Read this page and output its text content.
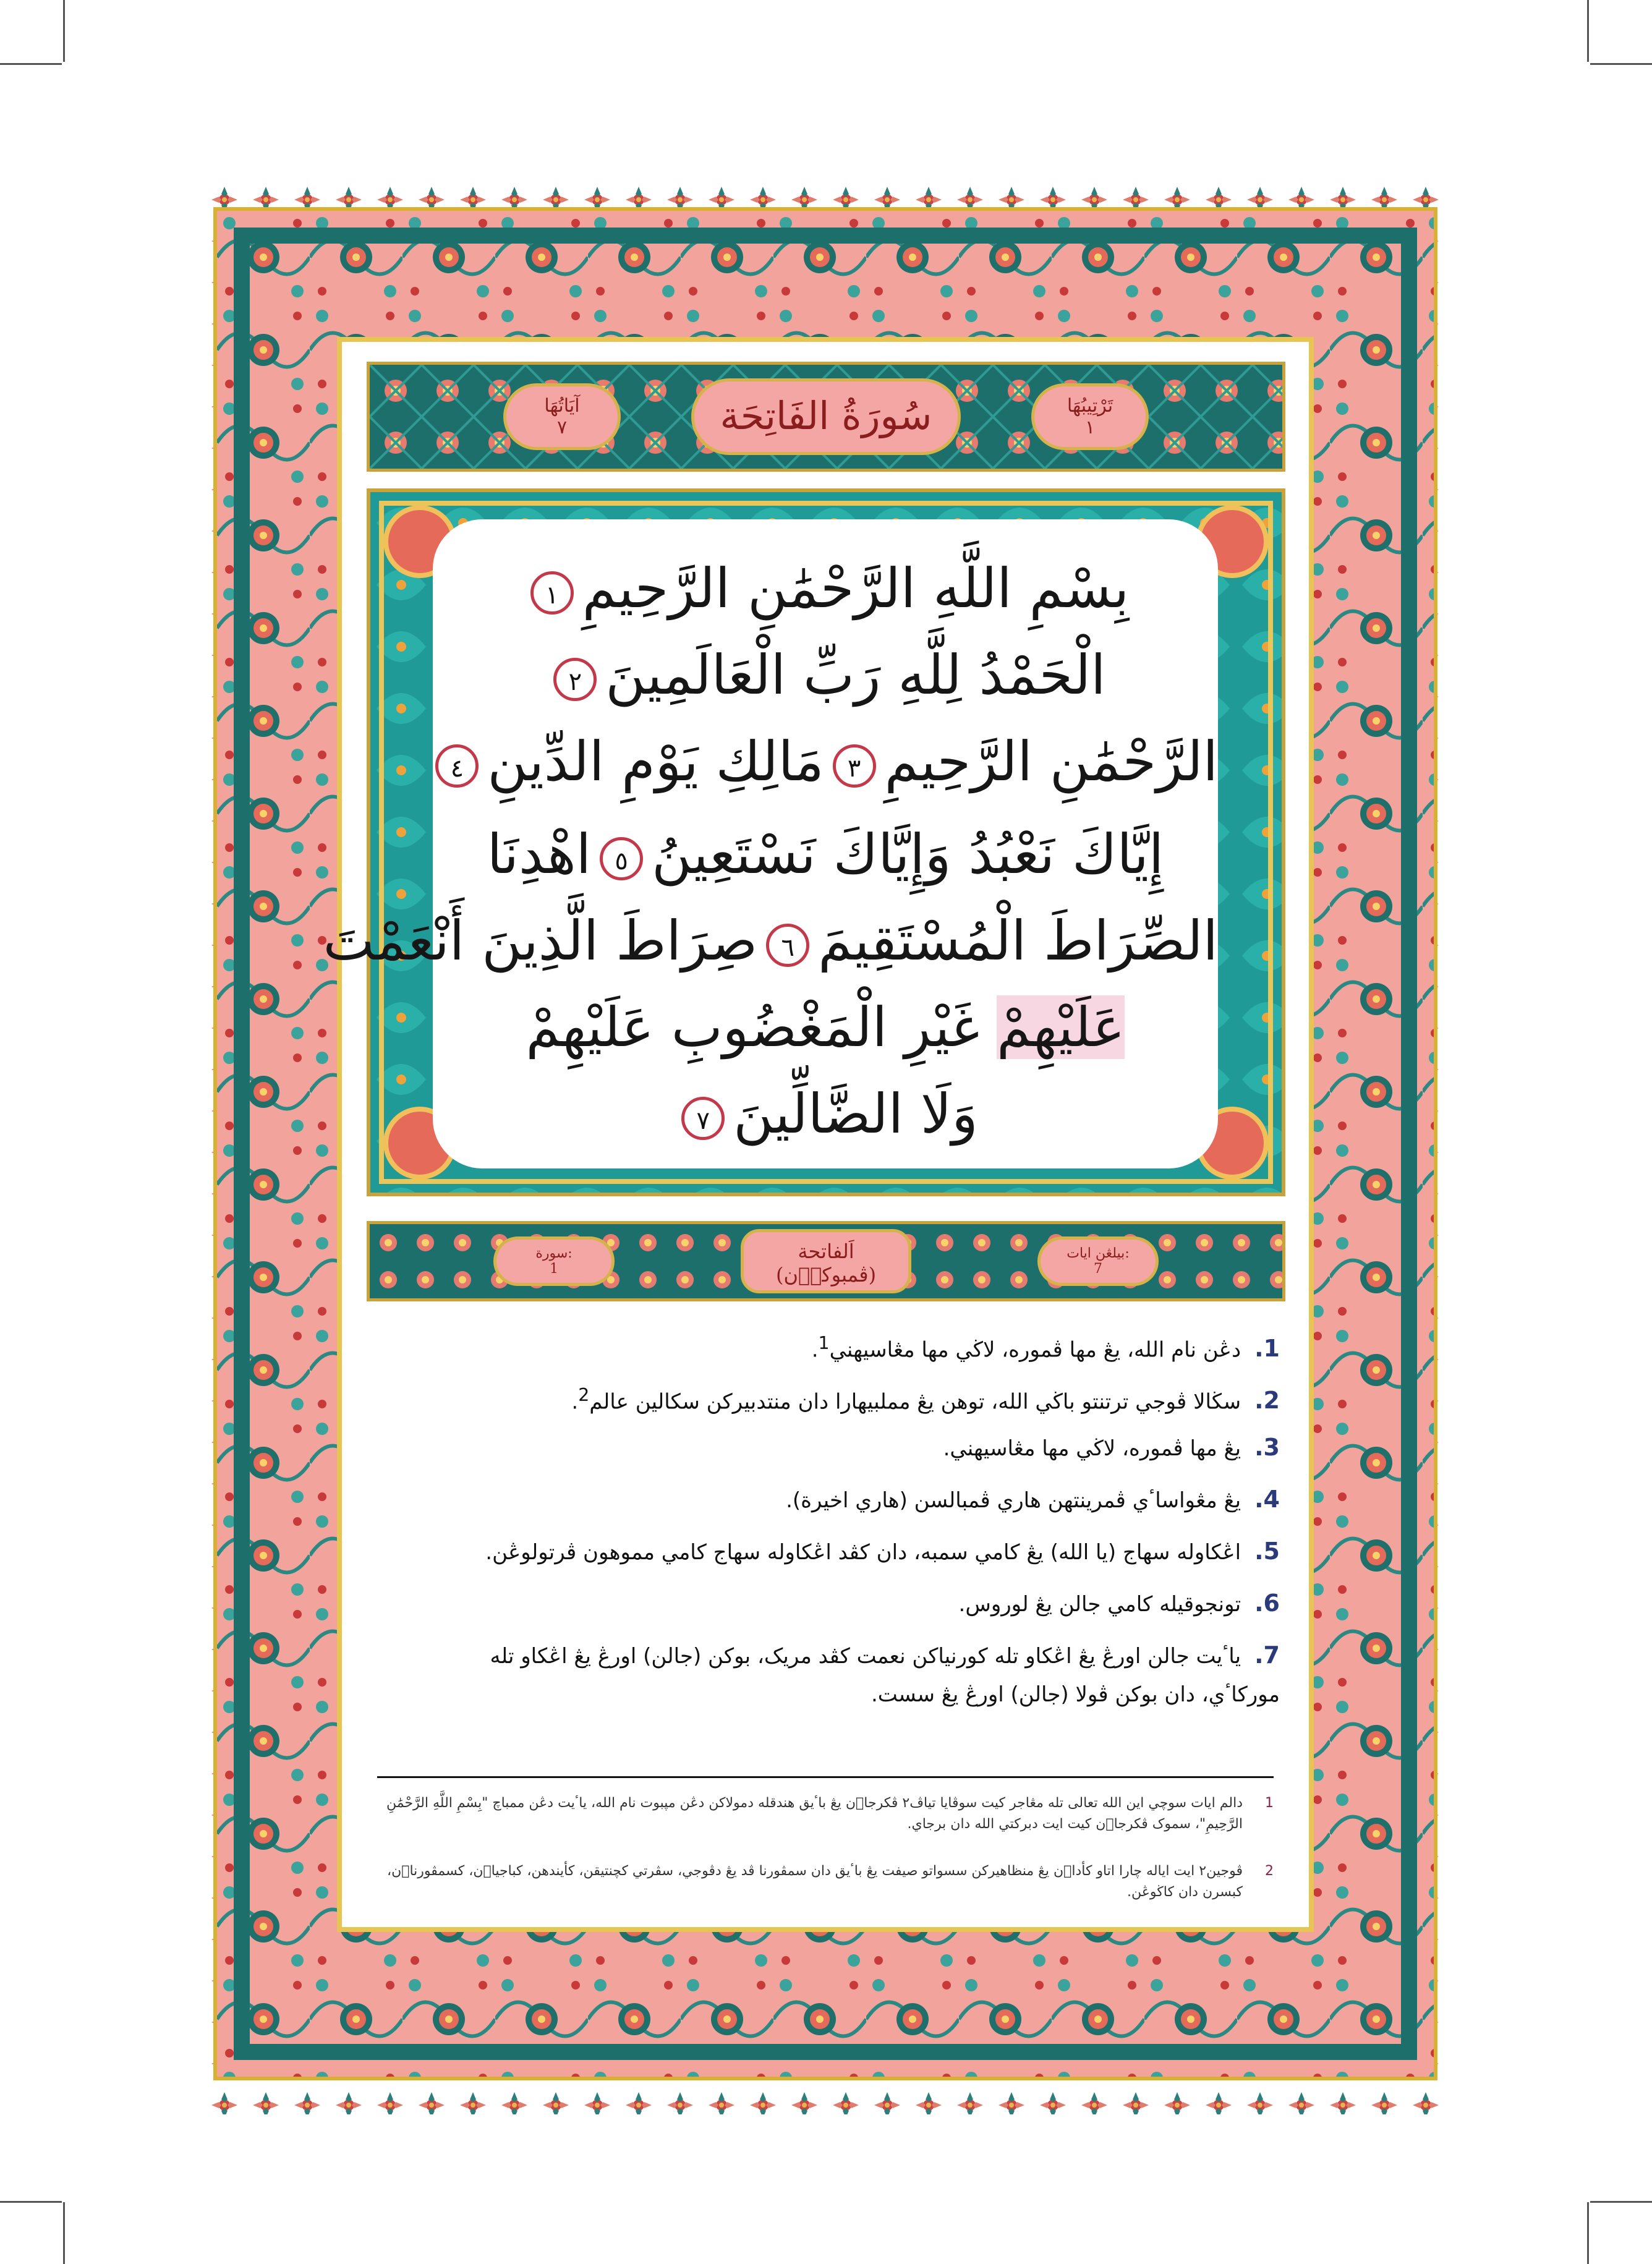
سُورَةُ الفَاتِحَة	تَرْتِيبُهَا
١
آيَاتُهَا
٧
بِسْمِ اللَّهِ الرَّحْمَٰنِ الرَّحِيمِ١
الْحَمْدُ لِلَّهِ رَبِّ الْعَالَمِينَ٢
الرَّحْمَٰنِ الرَّحِيمِ٣مَالِكِ يَوْمِ الدِّينِ٤
إِيَّاكَ نَعْبُدُ وَإِيَّاكَ نَسْتَعِينُ٥اهْدِنَا
الصِّرَاطَ الْمُسْتَقِيمَ٦صِرَاطَ الَّذِينَ أَنْعَمْتَ
عَلَيْهِمْ غَيْرِ الْمَغْضُوبِ عَلَيْهِمْ
وَلَا الضَّالِّينَ٧
اَلفاتحة
(ڤمبوكا٘ن)
بيلڠن ايات:
7
سورة:
1
1.دڠن نام الله، يڠ مها ڤموره، لاڬي مها مڠاسيهني$^1$.
2.سڬالا ڤوجي ترتنتو باڬي الله، توهن يڠ مملبيهارا دان منتدبيرکن سکالين عالم$^2$.
3.يڠ مها ڤموره، لاڬي مها مڠاسيهني.
4.يڠ مڠواساٴي ڤمرينتهن هاري ڤمبالسن (هاري اخيرة).
5.اڠکاوله سهاج (يا الله) يڠ کامي سمبه، دان کڤد اڠکاوله سهاج کامي مموهون ڤرتولوڠن.
6.تونجوقيله کامي جالن يڠ لوروس.
7.ياٴيت جالن اورڠ يڠ اڠکاو تله کورنياکن نعمت کڤد مريک، بوکن (جالن) اورڠ يڠ اڠکاو تله موركاٴي، دان بوکن ڤولا (جالن) اورڠ يڠ سست.
1
دالم ايات سوچي اين الله تعالى تله مڠاجر کيت سوڤايا تياڤ٢ ڤکرجا٘ن يڠ باٴيق هندقله دمولاکن دڠن مڽبوت نام الله، ياٴيت دڠن ممباچ "بِسْمِ اللَّهِ الرَّحْمَٰنِ الرَّحِيمِ"، سموک ڤکرجا٘ن کيت ايت دبرکتي الله دان برجاي.
2
ڤوجين٢ ايت اياله چارا اتاو کأدا٘ن يڠ منظاهيرکن سسواتو صيفت يڠ باٴيق دان سمڤورنا ڤد يڠ دڤوجي، سڤرتي کچنتيقن، کأيندهن، کباجيا٘ن، کسمڤورنا٘ن، کبسرن دان کاڬوڠن.
